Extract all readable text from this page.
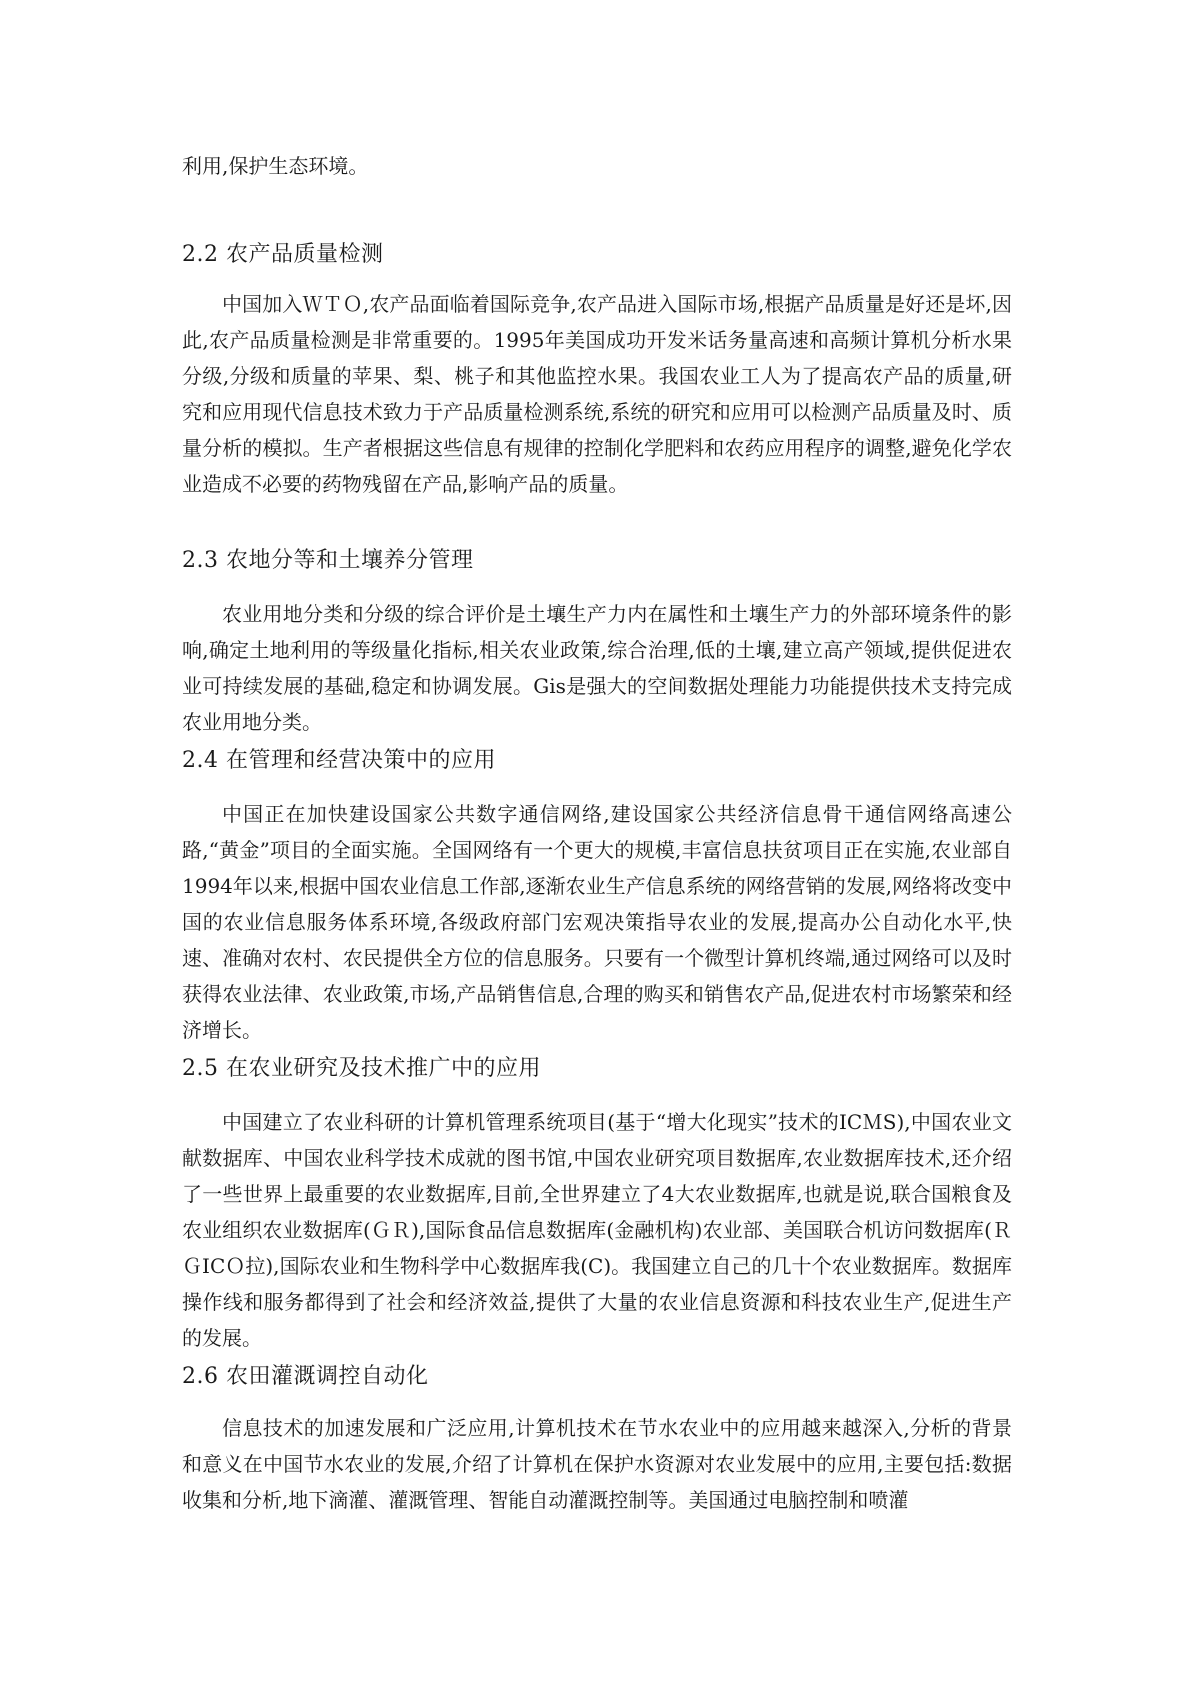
利用,保护生态环境。

2.2 农产品质量检测

中国加入ＷＴＯ,农产品面临着国际竞争,农产品进入国际市场,根据产品质量是好还是坏,因此,农产品质量检测是非常重要的。1995年美国成功开发米话务量高速和高频计算机分析水果分级,分级和质量的苹果、梨、桃子和其他监控水果。我国农业工人为了提高农产品的质量,研究和应用现代信息技术致力于产品质量检测系统,系统的研究和应用可以检测产品质量及时、质量分析的模拟。生产者根据这些信息有规律的控制化学肥料和农药应用程序的调整,避免化学农业造成不必要的药物残留在产品,影响产品的质量。

2.3 农地分等和土壤养分管理

农业用地分类和分级的综合评价是土壤生产力内在属性和土壤生产力的外部环境条件的影响,确定土地利用的等级量化指标,相关农业政策,综合治理,低的土壤,建立高产领域,提供促进农业可持续发展的基础,稳定和协调发展。Gis是强大的空间数据处理能力功能提供技术支持完成农业用地分类。

2.4 在管理和经营决策中的应用

中国正在加快建设国家公共数字通信网络,建设国家公共经济信息骨干通信网络高速公路,“黄金”项目的全面实施。全国网络有一个更大的规模,丰富信息扶贫项目正在实施,农业部自1994年以来,根据中国农业信息工作部,逐渐农业生产信息系统的网络营销的发展,网络将改变中国的农业信息服务体系环境,各级政府部门宏观决策指导农业的发展,提高办公自动化水平,快速、准确对农村、农民提供全方位的信息服务。只要有一个微型计算机终端,通过网络可以及时获得农业法律、农业政策,市场,产品销售信息,合理的购买和销售农产品,促进农村市场繁荣和经济增长。

2.5 在农业研究及技术推广中的应用

中国建立了农业科研的计算机管理系统项目(基于“增大化现实”技术的ICＭS),中国农业文献数据库、中国农业科学技术成就的图书馆,中国农业研究项目数据库,农业数据库技术,还介绍了一些世界上最重要的农业数据库,目前,全世界建立了4大农业数据库,也就是说,联合国粮食及农业组织农业数据库(ＧＲ),国际食品信息数据库(金融机构)农业部、美国联合机访问数据库(ＲＧICＯ拉),国际农业和生物科学中心数据库我(C)。我国建立自己的几十个农业数据库。数据库操作线和服务都得到了社会和经济效益,提供了大量的农业信息资源和科技农业生产,促进生产的发展。

2.6 农田灌溉调控自动化

信息技术的加速发展和广泛应用,计算机技术在节水农业中的应用越来越深入,分析的背景和意义在中国节水农业的发展,介绍了计算机在保护水资源对农业发展中的应用,主要包括:数据收集和分析,地下滴灌、灌溉管理、智能自动灌溉控制等。美国通过电脑控制和喷灌
